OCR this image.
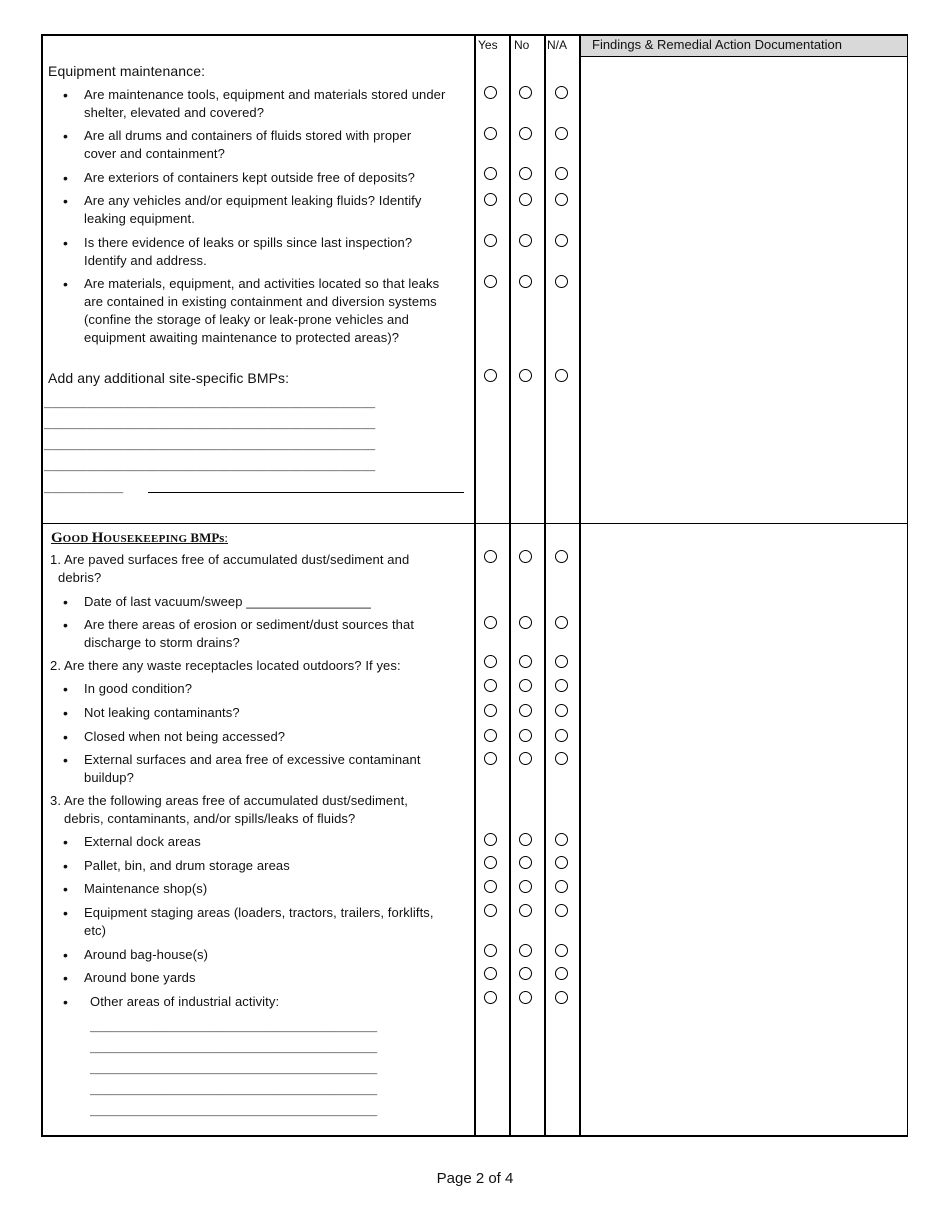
Yes No N/A Findings & Remedial Action Documentation
Equipment maintenance:
• Are maintenance tools, equipment and materials stored under
shelter, elevated and covered?
• Are all drums and containers of fluids stored with proper
cover and containment?
• Are exteriors of containers kept outside free of deposits?
• Are any vehicles and/or equipment leaking fluids? Identify
leaking equipment.
• Is there evidence of leaks or spills since last inspection?
Identify and address.
• Are materials, equipment, and activities located so that leaks
are contained in existing containment and diversion systems
(confine the storage of leaky or leak-prone vehicles and
equipment awaiting maintenance to protected areas)?
Add any additional site-specific BMPs:
______________________________________________
______________________________________________
______________________________________________
______________________________________________
___________
GOOD HOUSEKEEPING BMPs:
1. Are paved surfaces free of accumulated dust/sediment and
debris?
• Date of last vacuum/sweep _________________
• Are there areas of erosion or sediment/dust sources that
discharge to storm drains?
2. Are there any waste receptacles located outdoors? If yes:
• In good condition?
• Not leaking contaminants?
• Closed when not being accessed?
• External surfaces and area free of excessive contaminant
buildup?
3. Are the following areas free of accumulated dust/sediment,
debris, contaminants, and/or spills/leaks of fluids?
• External dock areas
• Pallet, bin, and drum storage areas
• Maintenance shop(s)
• Equipment staging areas (loaders, tractors, trailers, forklifts,
etc)
• Around bag-house(s)
• Around bone yards
• Other areas of industrial activity:
_________________________________________
_________________________________________
_________________________________________
_________________________________________
_________________________________________
Page 2 of 4
